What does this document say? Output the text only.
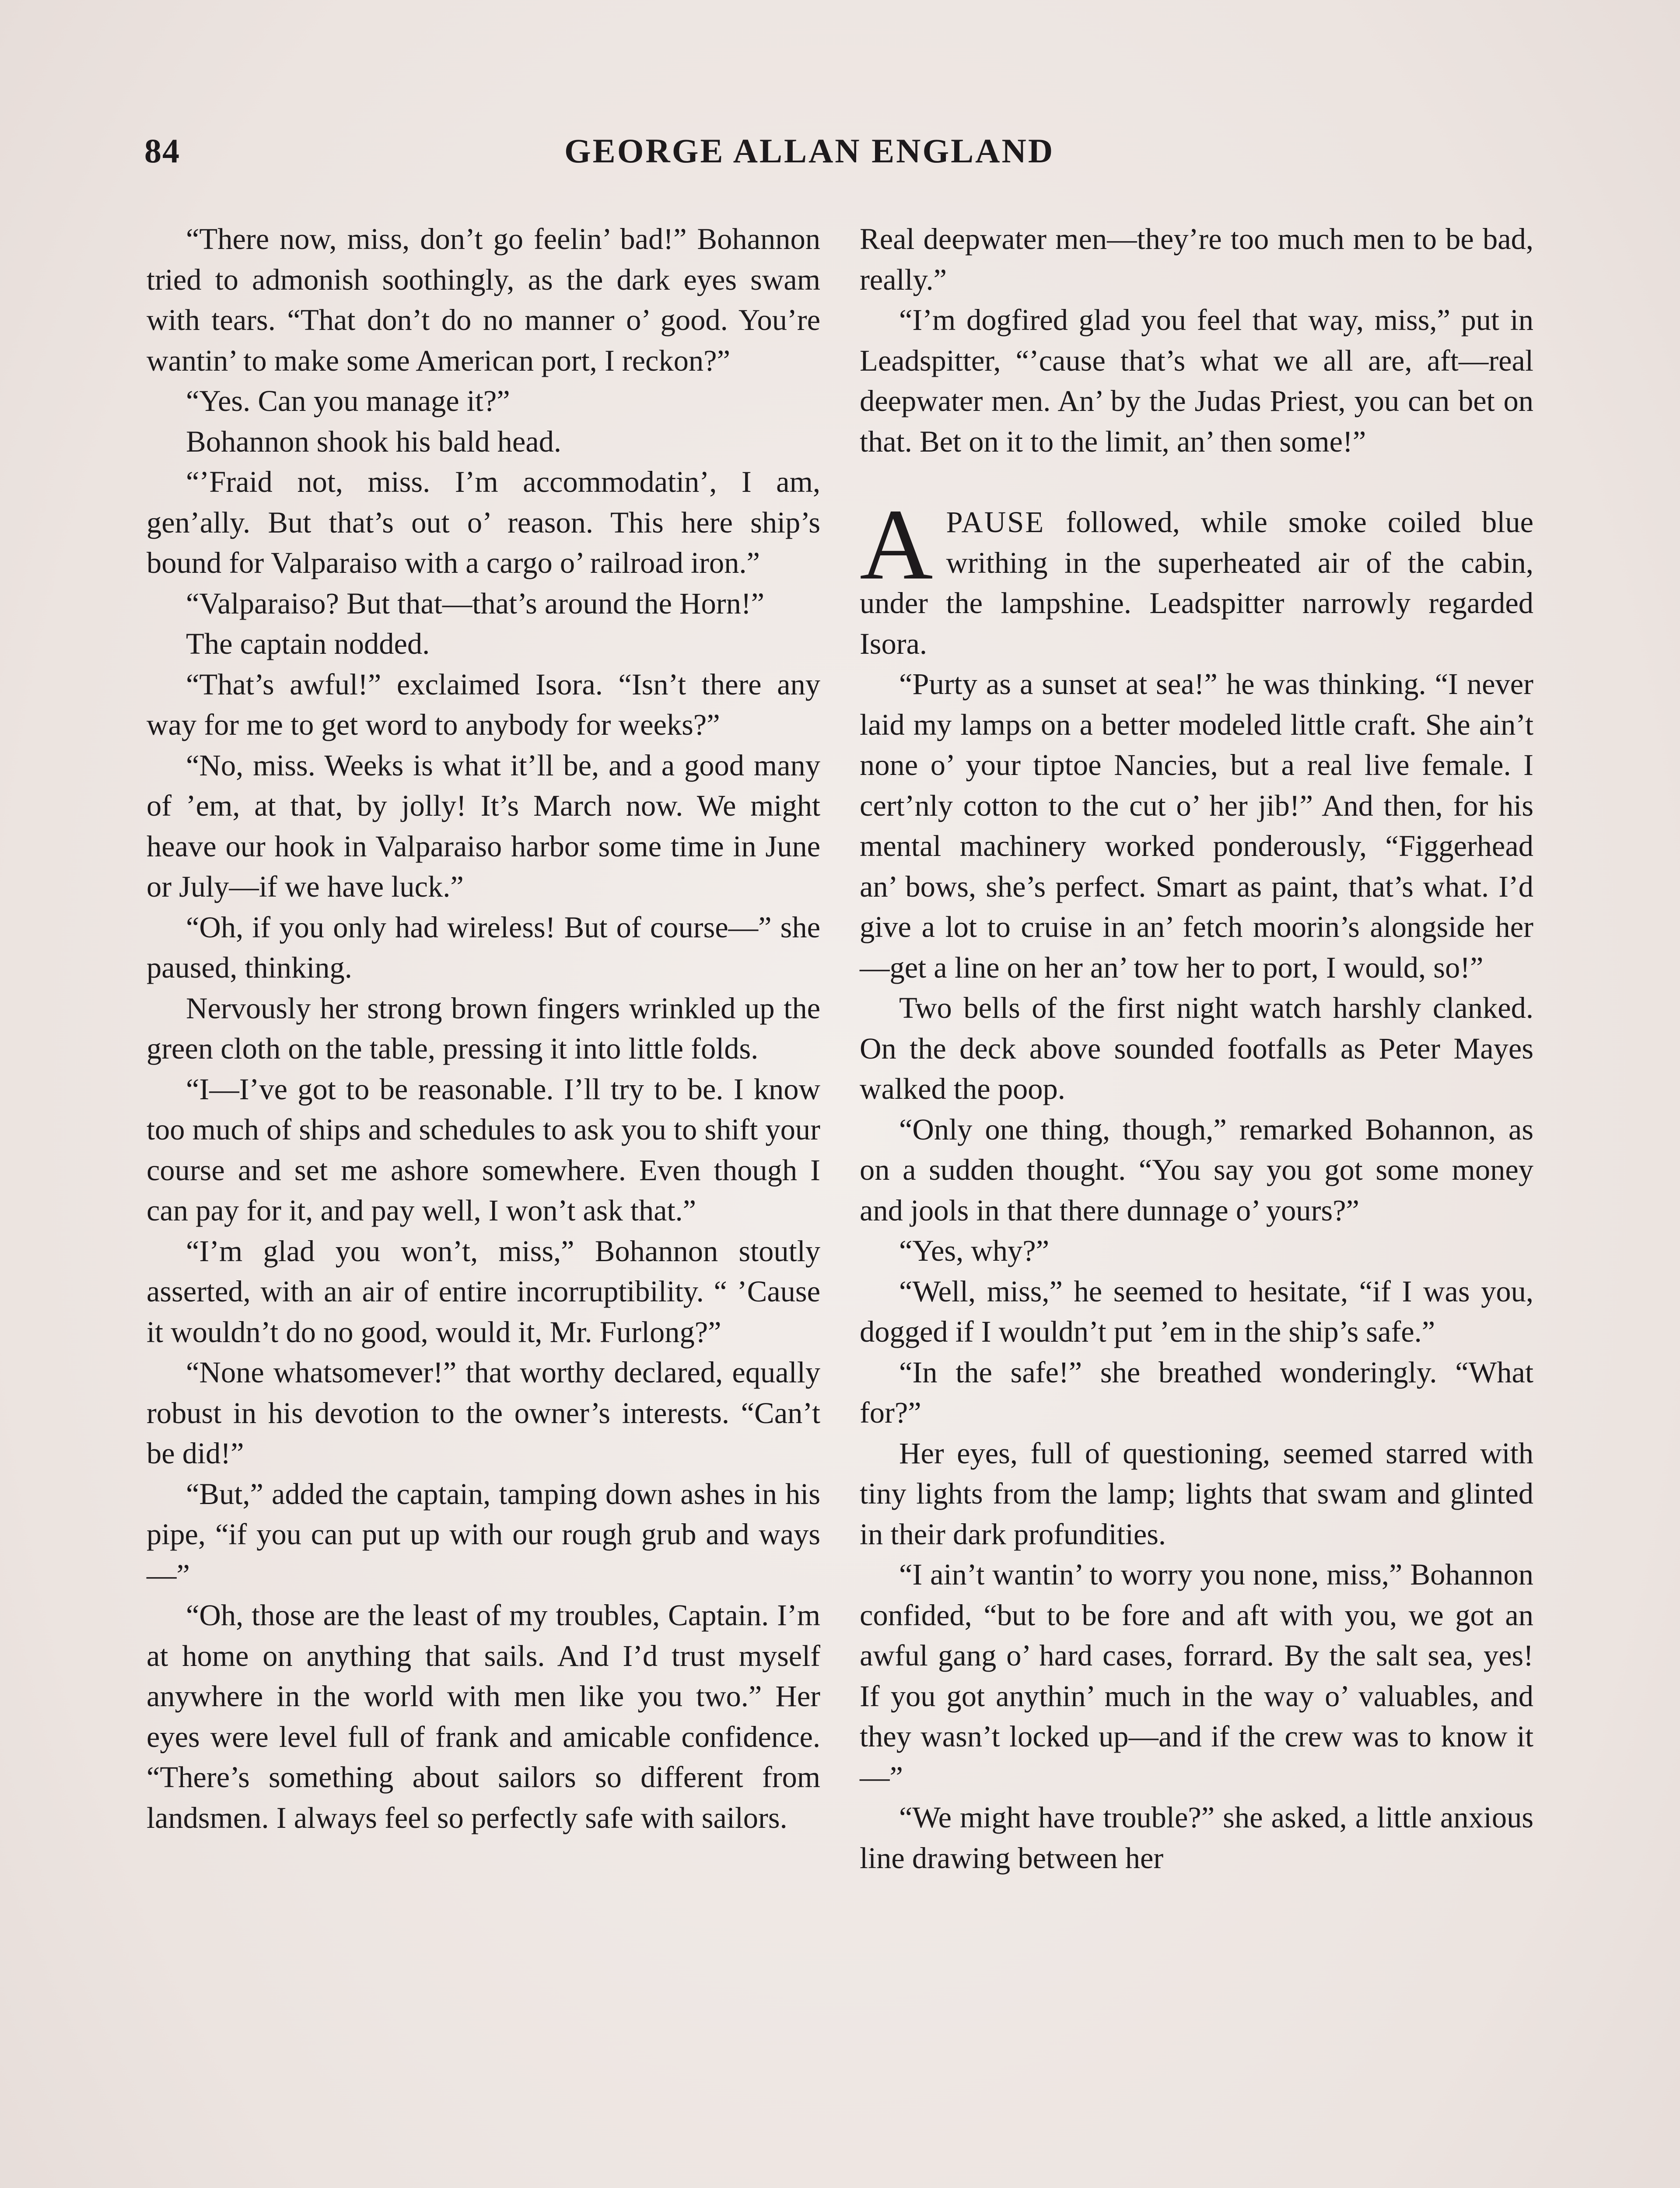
84	GEORGE ALLAN ENGLAND

“There now, miss, don’t go feelin’ bad!” Bohannon tried to admonish soothingly, as the dark eyes swam with tears. “That don’t do no manner o’ good. You’re wantin’ to make some American port, I reckon?”

“Yes. Can you manage it?”

Bohannon shook his bald head.

“’Fraid not, miss. I’m accommodatin’, I am, gen’ally. But that’s out o’ reason. This here ship’s bound for Valparaiso with a cargo o’ railroad iron.”

“Valparaiso? But that—that’s around the Horn!”

The captain nodded.

“That’s awful!” exclaimed Isora. “Isn’t there any way for me to get word to anybody for weeks?”

“No, miss. Weeks is what it’ll be, and a good many of ’em, at that, by jolly! It’s March now. We might heave our hook in Valparaiso harbor some time in June or July—if we have luck.”

“Oh, if you only had wireless! But of course—” she paused, thinking.

Nervously her strong brown fingers wrinkled up the green cloth on the table, pressing it into little folds.

“I—I’ve got to be reasonable. I’ll try to be. I know too much of ships and schedules to ask you to shift your course and set me ashore somewhere. Even though I can pay for it, and pay well, I won’t ask that.”

“I’m glad you won’t, miss,” Bohannon stoutly asserted, with an air of entire incorruptibility. “ ’Cause it wouldn’t do no good, would it, Mr. Furlong?”

“None whatsomever!” that worthy declared, equally robust in his devotion to the owner’s interests. “Can’t be did!”

“But,” added the captain, tamping down ashes in his pipe, “if you can put up with our rough grub and ways—”

“Oh, those are the least of my troubles, Captain. I’m at home on anything that sails. And I’d trust myself anywhere in the world with men like you two.” Her eyes were level full of frank and amicable confidence. “There’s something about sailors so different from landsmen. I always feel so perfectly safe with sailors.

Real deepwater men—they’re too much men to be bad, really.”

“I’m dogfired glad you feel that way, miss,” put in Leadspitter, “’cause that’s what we all are, aft—real deepwater men. An’ by the Judas Priest, you can bet on that. Bet on it to the limit, an’ then some!”

APAUSE followed, while smoke coiled blue writhing in the superheated air of the cabin, under the lampshine. Leadspitter narrowly regarded Isora.

“Purty as a sunset at sea!” he was thinking. “I never laid my lamps on a better modeled little craft. She ain’t none o’ your tiptoe Nancies, but a real live female. I cert’nly cotton to the cut o’ her jib!” And then, for his mental machinery worked ponderously, “Figgerhead an’ bows, she’s perfect. Smart as paint, that’s what. I’d give a lot to cruise in an’ fetch moorin’s alongside her—get a line on her an’ tow her to port, I would, so!”

Two bells of the first night watch harshly clanked. On the deck above sounded footfalls as Peter Mayes walked the poop.

“Only one thing, though,” remarked Bohannon, as on a sudden thought. “You say you got some money and jools in that there dunnage o’ yours?”

“Yes, why?”

“Well, miss,” he seemed to hesitate, “if I was you, dogged if I wouldn’t put ’em in the ship’s safe.”

“In the safe!” she breathed wonderingly. “What for?”

Her eyes, full of questioning, seemed starred with tiny lights from the lamp; lights that swam and glinted in their dark profundities.

“I ain’t wantin’ to worry you none, miss,” Bohannon confided, “but to be fore and aft with you, we got an awful gang o’ hard cases, forrard. By the salt sea, yes! If you got anythin’ much in the way o’ valuables, and they wasn’t locked up—and if the crew was to know it—”

“We might have trouble?” she asked, a little anxious line drawing between her
